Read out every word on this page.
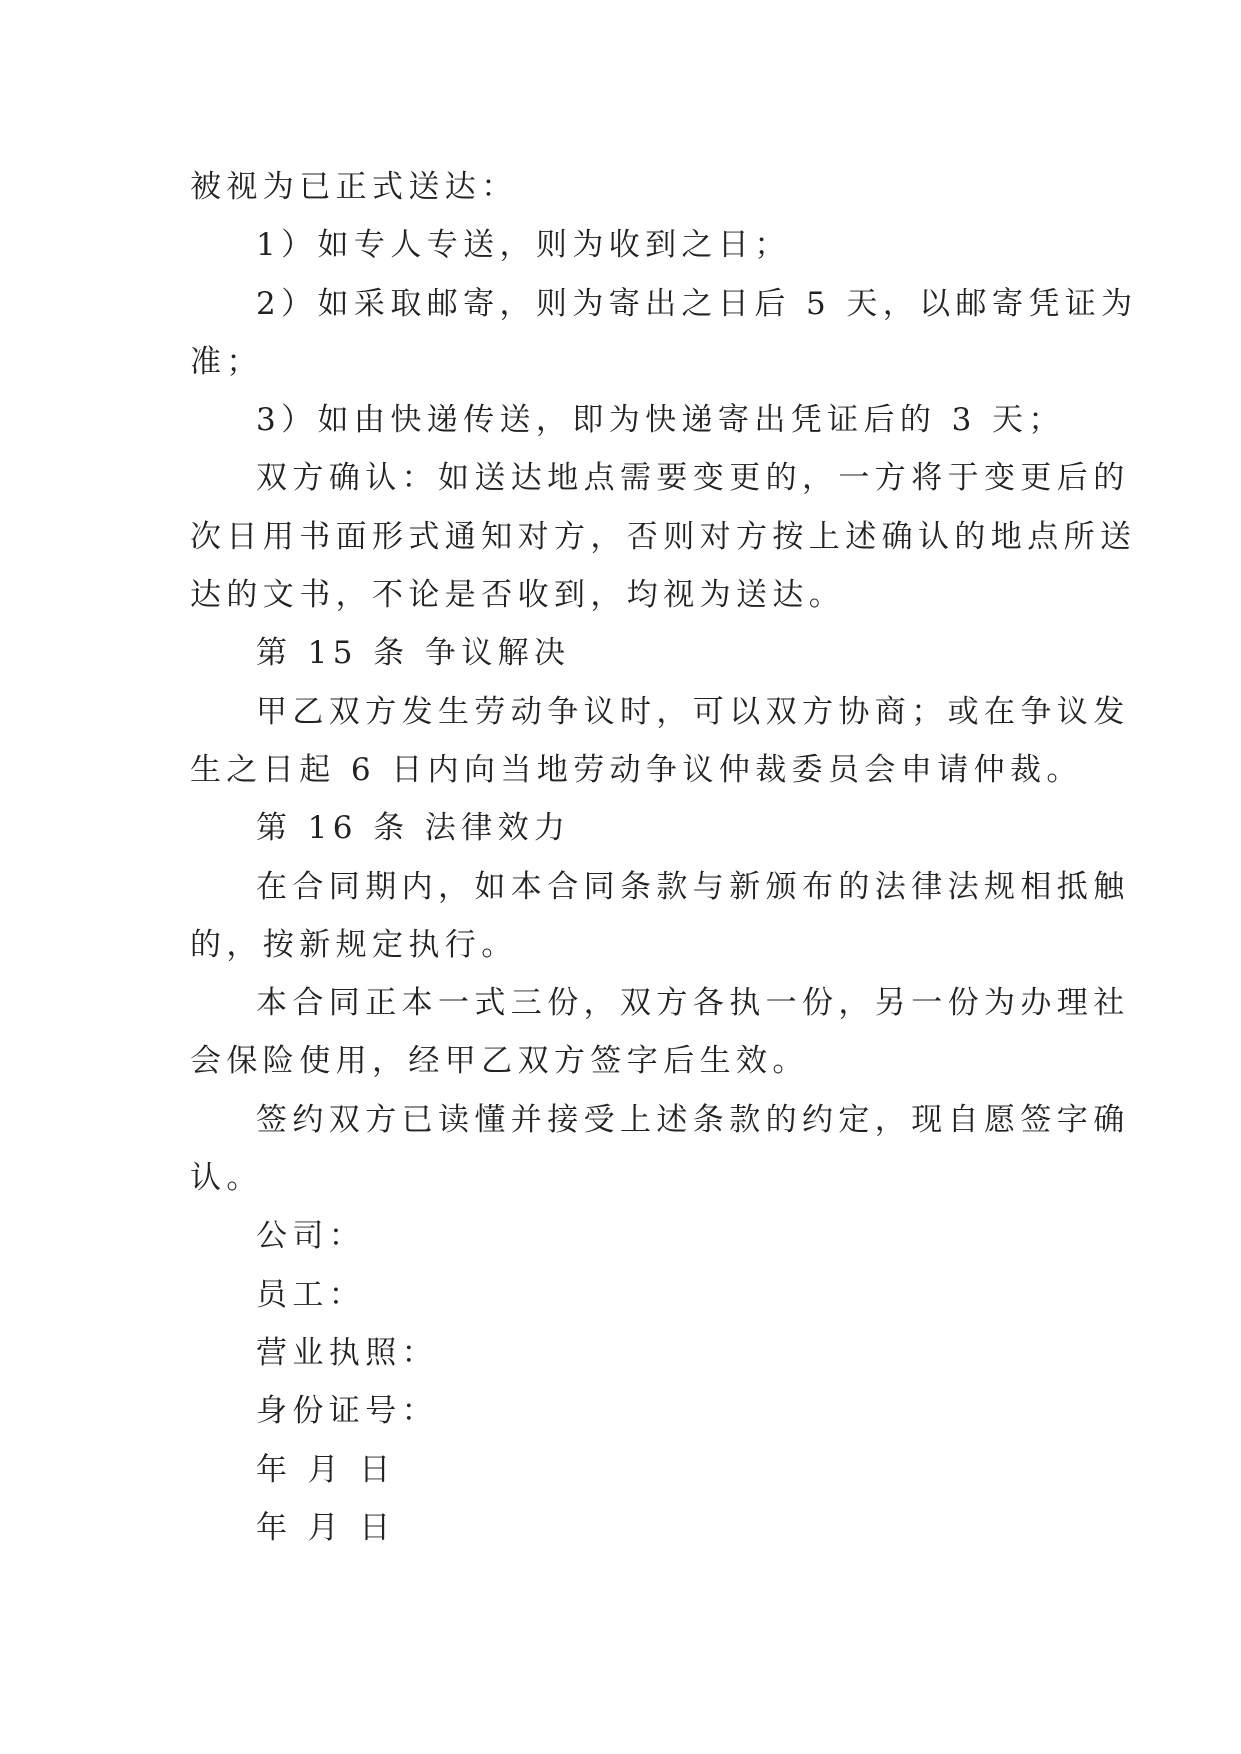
被视为已正式送达：
1）如专人专送，则为收到之日；
2）如采取邮寄，则为寄出之日后 5 天，以邮寄凭证为
准；
3）如由快递传送，即为快递寄出凭证后的 3 天；
双方确认：如送达地点需要变更的，一方将于变更后的
次日用书面形式通知对方，否则对方按上述确认的地点所送
达的文书，不论是否收到，均视为送达。
第 15 条 争议解决
甲乙双方发生劳动争议时，可以双方协商；或在争议发
生之日起 6 日内向当地劳动争议仲裁委员会申请仲裁。
第 16 条 法律效力
在合同期内，如本合同条款与新颁布的法律法规相抵触
的，按新规定执行。
本合同正本一式三份，双方各执一份，另一份为办理社
会保险使用，经甲乙双方签字后生效。
签约双方已读懂并接受上述条款的约定，现自愿签字确
认。
公司：
员工：
营业执照：
身份证号：
年 月 日
年 月 日
